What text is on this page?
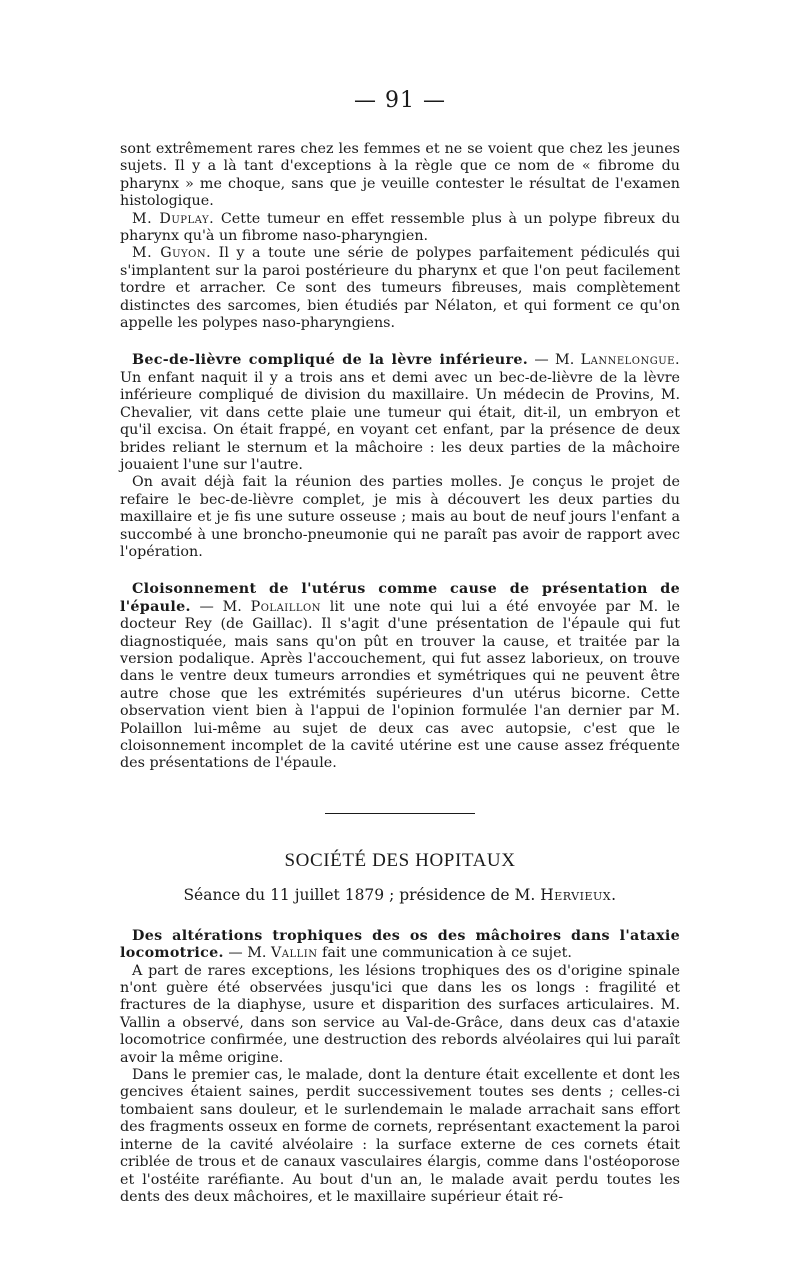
— 91 —

sont extrêmement rares chez les femmes et ne se voient que chez les jeunes sujets. Il y a là tant d'exceptions à la règle que ce nom de « fibrome du pharynx » me choque, sans que je veuille contester le résultat de l'examen histologique.

M. Duplay. Cette tumeur en effet ressemble plus à un polype fibreux du pharynx qu'à un fibrome naso-pharyngien.

M. Guyon. Il y a toute une série de polypes parfaitement pédiculés qui s'implantent sur la paroi postérieure du pharynx et que l'on peut facilement tordre et arracher. Ce sont des tumeurs fibreuses, mais complètement distinctes des sarcomes, bien étudiés par Nélaton, et qui forment ce qu'on appelle les polypes naso-pharyngiens.

Bec-de-lièvre compliqué de la lèvre inférieure. — M. Lannelongue. Un enfant naquit il y a trois ans et demi avec un bec-de-lièvre de la lèvre inférieure compliqué de division du maxillaire. Un médecin de Provins, M. Chevalier, vit dans cette plaie une tumeur qui était, dit-il, un embryon et qu'il excisa. On était frappé, en voyant cet enfant, par la présence de deux brides reliant le sternum et la mâchoire : les deux parties de la mâchoire jouaient l'une sur l'autre.

On avait déjà fait la réunion des parties molles. Je conçus le projet de refaire le bec-de-lièvre complet, je mis à découvert les deux parties du maxillaire et je fis une suture osseuse ; mais au bout de neuf jours l'enfant a succombé à une broncho-pneumonie qui ne paraît pas avoir de rapport avec l'opération.

Cloisonnement de l'utérus comme cause de présentation de l'épaule. — M. Polaillon lit une note qui lui a été envoyée par M. le docteur Rey (de Gaillac). Il s'agit d'une présentation de l'épaule qui fut diagnostiquée, mais sans qu'on pût en trouver la cause, et traitée par la version podalique. Après l'accouchement, qui fut assez laborieux, on trouve dans le ventre deux tumeurs arrondies et symétriques qui ne peuvent être autre chose que les extrémités supérieures d'un utérus bicorne. Cette observation vient bien à l'appui de l'opinion formulée l'an dernier par M. Polaillon lui-même au sujet de deux cas avec autopsie, c'est que le cloisonnement incomplet de la cavité utérine est une cause assez fréquente des présentations de l'épaule.

SOCIÉTÉ DES HOPITAUX
Séance du 11 juillet 1879 ; présidence de M. Hervieux.

Des altérations trophiques des os des mâchoires dans l'ataxie locomotrice. — M. Vallin fait une communication à ce sujet.

A part de rares exceptions, les lésions trophiques des os d'origine spinale n'ont guère été observées jusqu'ici que dans les os longs : fragilité et fractures de la diaphyse, usure et disparition des surfaces articulaires. M. Vallin a observé, dans son service au Val-de-Grâce, dans deux cas d'ataxie locomotrice confirmée, une destruction des rebords alvéolaires qui lui paraît avoir la même origine.

Dans le premier cas, le malade, dont la denture était excellente et dont les gencives étaient saines, perdit successivement toutes ses dents ; celles-ci tombaient sans douleur, et le surlendemain le malade arrachait sans effort des fragments osseux en forme de cornets, représentant exactement la paroi interne de la cavité alvéolaire : la surface externe de ces cornets était criblée de trous et de canaux vasculaires élargis, comme dans l'ostéoporose et l'ostéite raréfiante. Au bout d'un an, le malade avait perdu toutes les dents des deux mâchoires, et le maxillaire supérieur était ré-
